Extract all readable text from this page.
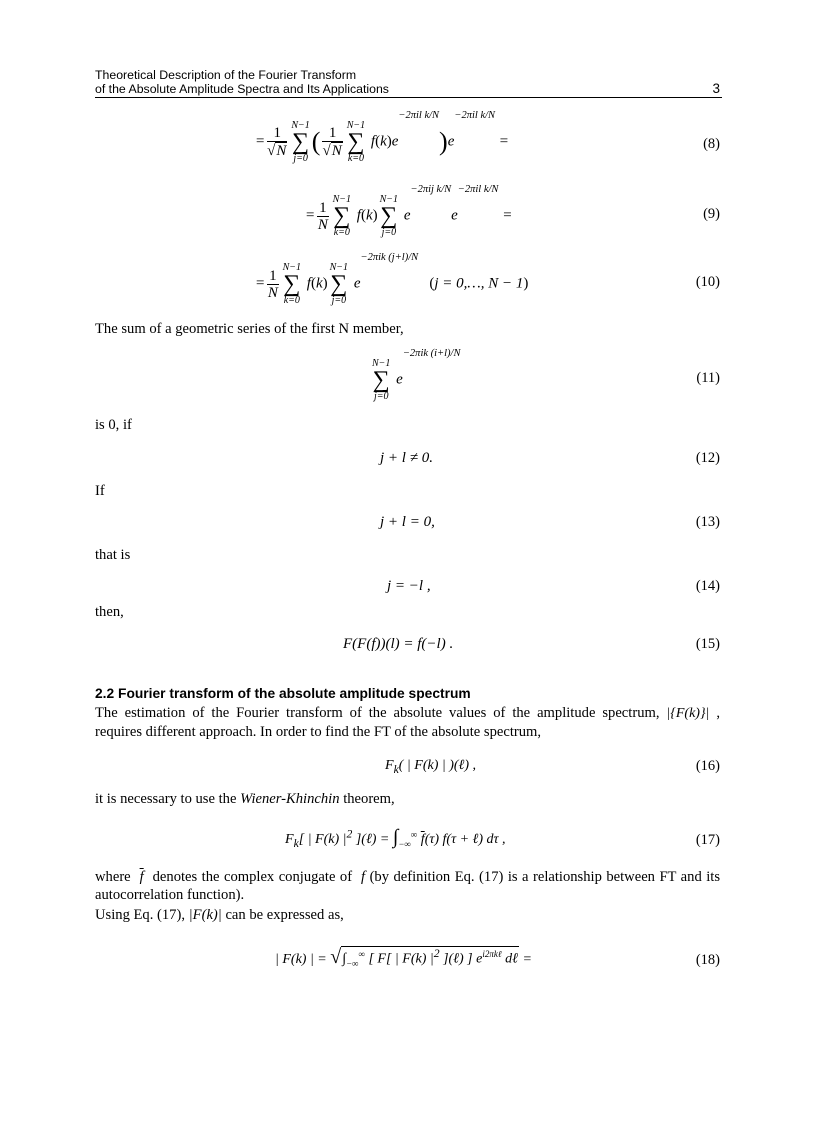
Theoretical Description of the Fourier Transform
of the Absolute Amplitude Spectra and Its Applications	3
= $\frac{1}{√N} N-1$
∑
j=0
( $\frac{1}{√N} N-1$
∑
k=0
f(k)e−2πil k/N)e−2πil k/N =	(8)
= $\frac{1}{N} N-1$
∑
k=0
f(k)
N−1
∑
j=0
e−2πij k/Ne−2πil k/N =	(9)
= $\frac{1}{N} N-1$
∑
k=0
f(k)
N−1
∑
j=0
e−2πik (j+l)/N   (j = 0,…, N − 1)	(10)
The sum of a geometric series of the first N member,
N−1
∑
j=0
e−2πik (i+l)/N
(11)
is 0, if
j + l ≠ 0.	(12)
If
j + l = 0,	(13)
that is
j = −l ,	(14)
then,
F(F(f))(l) = f(−l) .	(15)
2.2 Fourier transform of the absolute amplitude spectrum
The estimation of the Fourier transform of the absolute values of the amplitude spectrum, |{F(k)}| , requires different approach. In order to find the FT of the absolute spectrum,
$F_k$( | F(k) | )(ℓ) ,	(16)
it is necessary to use the Wiener-Khinchin theorem,
$F_k$[ | F(k) $|^2$ ](ℓ) = $\int_{-\infty}^\infty$ $\overline{f}(\tau) f(\tau$ + ℓ) dτ ,	(17)
where $\overline{f}$ denotes the complex conjugate of f (by definition Eq. (17) is a relationship between FT and its autocorrelation function).
Using Eq. (17), |F(k)| can be expressed as,
| F(k) | = $√\int_{-\infty}^\infty$ [ F[ | F(k) $|^2$ ](ℓ) ] $e^{i2\pi k\ell}$ dℓ =	(18)
